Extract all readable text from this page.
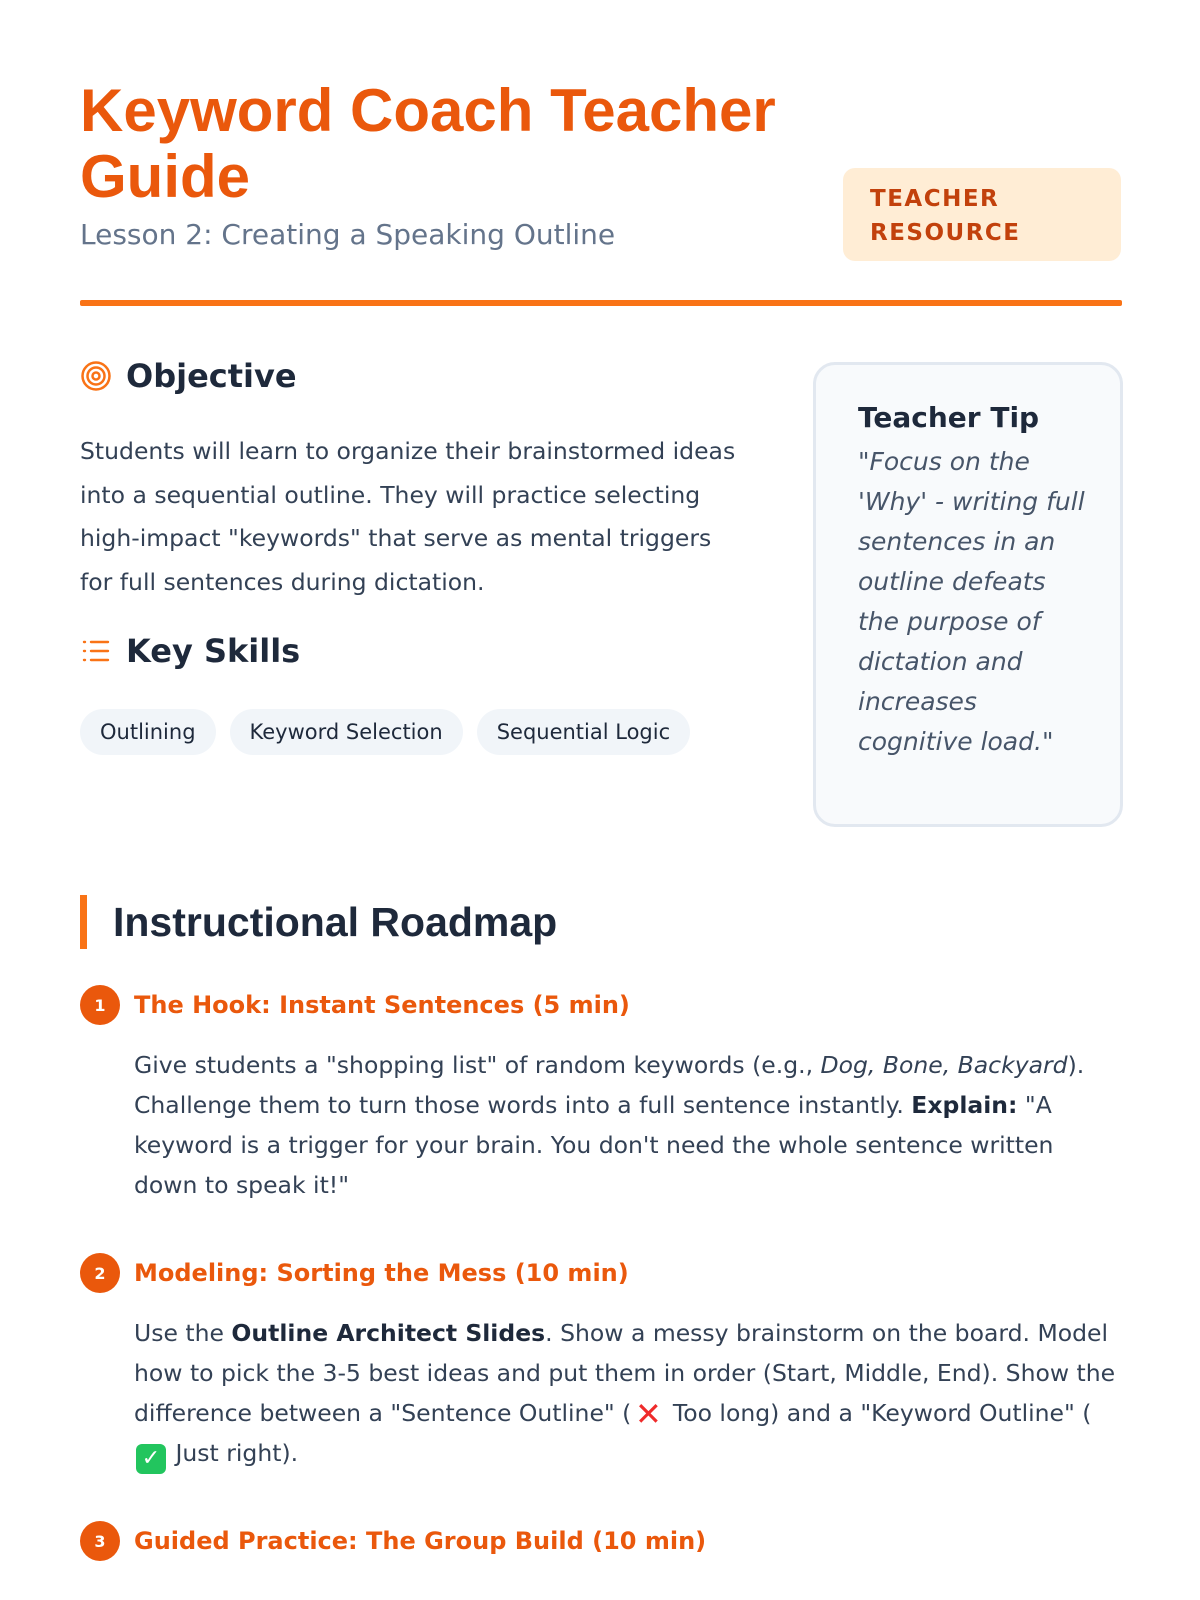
Keyword Coach Teacher Guide
Lesson 2: Creating a Speaking Outline
TEACHER RESOURCE
Objective

Students will learn to organize their brainstormed ideas into a sequential outline. They will practice selecting high-impact "keywords" that serve as mental triggers for full sentences during dictation.

Key Skills
Outlining	Keyword Selection	Sequential Logic
Teacher Tip

"Focus on the 'Why' - writing full sentences in an outline defeats the purpose of dictation and increases cognitive load."

Instructional Roadmap
1	The Hook: Instant Sentences (5 min)
Give students a "shopping list" of random keywords (e.g., Dog, Bone, Backyard). Challenge them to turn those words into a full sentence instantly. Explain: "A keyword is a trigger for your brain. You don't need the whole sentence written down to speak it!"
2	Modeling: Sorting the Mess (10 min)
Use the Outline Architect Slides. Show a messy brainstorm on the board. Model how to pick the 3-5 best ideas and put them in order (Start, Middle, End). Show the difference between a "Sentence Outline" ( ✕ Too long) and a "Keyword Outline" (✓ Just right).
3	Guided Practice: The Group Build (10 min)
